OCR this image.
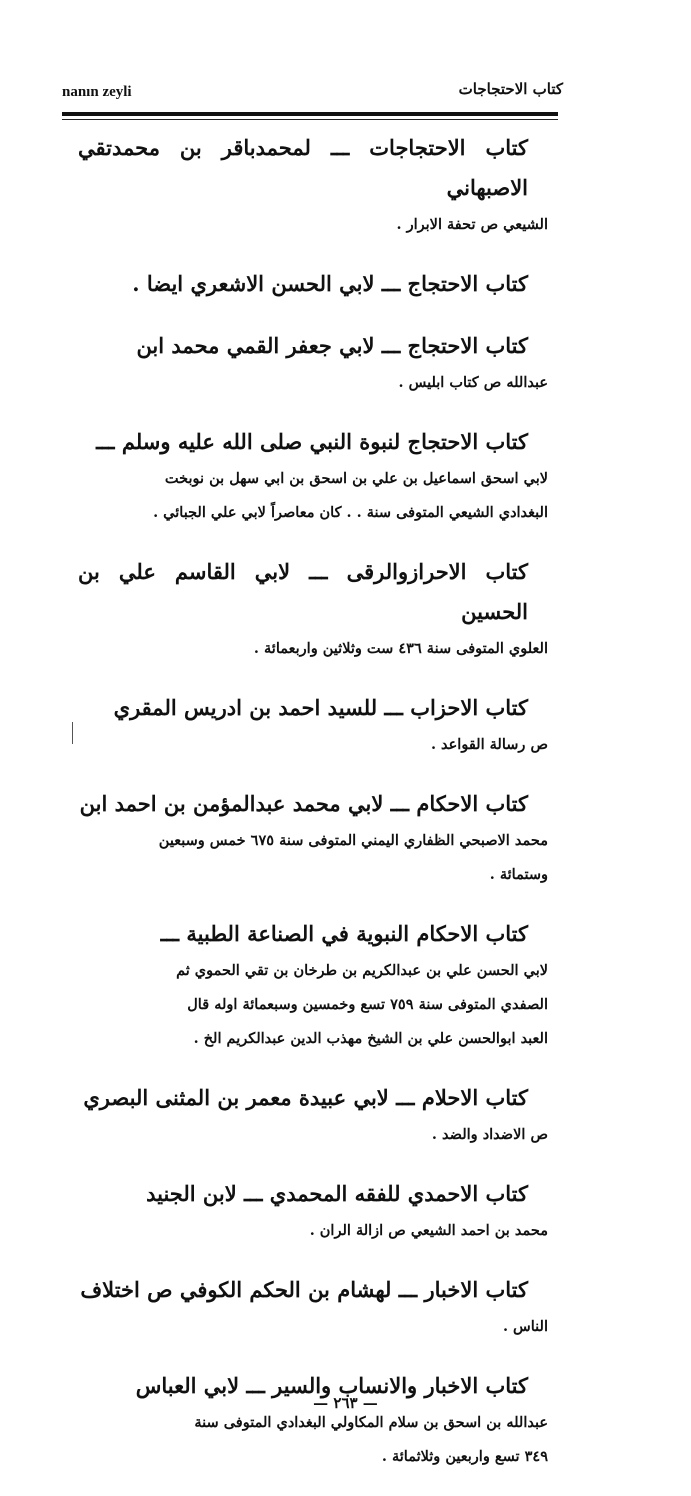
nanın zeyli	كتاب الاحتجاجات
كتاب الاحتجاجات ـــ لمحمدباقر بن محمدتقي الاصبهاني
الشيعي ص تحفة الابرار .
كتاب الاحتجاج ـــ لابي الحسن الاشعري ايضا .
كتاب الاحتجاج ـــ لابي جعفر القمي محمد ابن
عبدالله ص كتاب ابليس .
كتاب الاحتجاج لنبوة النبي صلى الله عليه وسلم ـــ
لابي اسحق اسماعيل بن علي بن اسحق بن ابي سهل بن نوبخت
البغدادي الشيعي المتوفى سنة . . كان معاصراً لابي علي الجبائي .
كتاب الاحرازوالرقى ـــ لابي القاسم علي بن الحسين
العلوي المتوفى سنة ٤٣٦ ست وثلاثين واربعمائة .
كتاب الاحزاب ـــ للسيد احمد بن ادريس المقري
ص رسالة القواعد .
كتاب الاحكام ـــ لابي محمد عبدالمؤمن بن احمد ابن
محمد الاصبحي الظفاري اليمني المتوفى سنة ٦٧٥ خمس وسبعين
وستمائة .
كتاب الاحكام النبوية في الصناعة الطبية ـــ
لابي الحسن علي بن عبدالكريم بن طرخان بن تقي الحموي ثم
الصفدي المتوفى سنة ٧٥٩ تسع وخمسين وسبعمائة اوله قال
العبد ابوالحسن علي بن الشيخ مهذب الدين عبدالكريم الخ .
كتاب الاحلام ـــ لابي عبيدة معمر بن المثنى البصري
ص الاضداد والضد .
كتاب الاحمدي للفقه المحمدي ـــ لابن الجنيد
محمد بن احمد الشيعي ص ازالة الران .
كتاب الاخبار ـــ لهشام بن الحكم الكوفي ص اختلاف
الناس .
كتاب الاخبار والانساب والسير ـــ لابي العباس
عبدالله بن اسحق بن سلام المكاولي البغدادي المتوفى سنة
٣٤٩ تسع واربعين وثلاثمائة .
— ٢٦٣ —
